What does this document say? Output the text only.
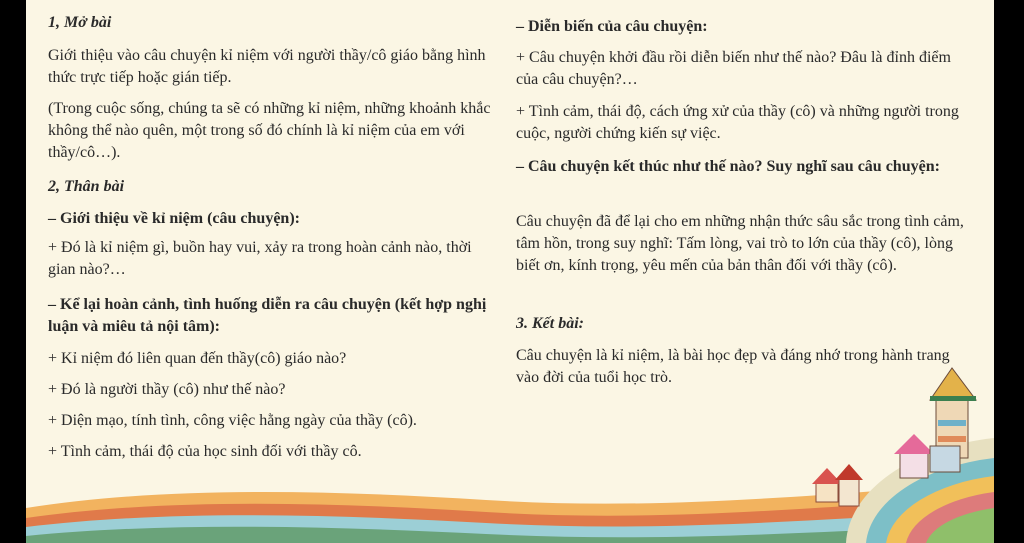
1, Mở bài

Giới thiệu vào câu chuyện kỉ niệm với người thầy/cô giáo bằng hình thức trực tiếp hoặc gián tiếp.

(Trong cuộc sống, chúng ta sẽ có những kỉ niệm, những khoảnh khắc không thể nào quên, một trong số đó chính là kỉ niệm của em với thầy/cô…).

2, Thân bài

– Giới thiệu về kỉ niệm (câu chuyện):

+ Đó là kỉ niệm gì, buồn hay vui, xảy ra trong hoàn cảnh nào, thời gian nào?…

– Kể lại hoàn cảnh, tình huống diễn ra câu chuyện (kết hợp nghị luận và miêu tả nội tâm):

+ Kỉ niệm đó liên quan đến thầy(cô) giáo nào?

+ Đó là người thầy (cô) như thế nào?

+ Diện mạo, tính tình, công việc hằng ngày của thầy (cô).

+ Tình cảm, thái độ của học sinh đối với thầy cô.

– Diễn biến của câu chuyện:

+ Câu chuyện khởi đầu rồi diễn biến như thế nào? Đâu là đỉnh điểm của câu chuyện?…

+ Tình cảm, thái độ, cách ứng xử của thầy (cô) và những người trong cuộc, người chứng kiến sự việc.

– Câu chuyện kết thúc như thế nào? Suy nghĩ sau câu chuyện:

Câu chuyện đã để lại cho em những nhận thức sâu sắc trong tình cảm, tâm hồn, trong suy nghĩ: Tấm lòng, vai trò to lớn của thầy (cô), lòng biết ơn, kính trọng, yêu mến của bản thân đối với thầy (cô).

3. Kết bài:

Câu chuyện là kỉ niệm, là bài học đẹp và đáng nhớ trong hành trang vào đời của tuổi học trò.
